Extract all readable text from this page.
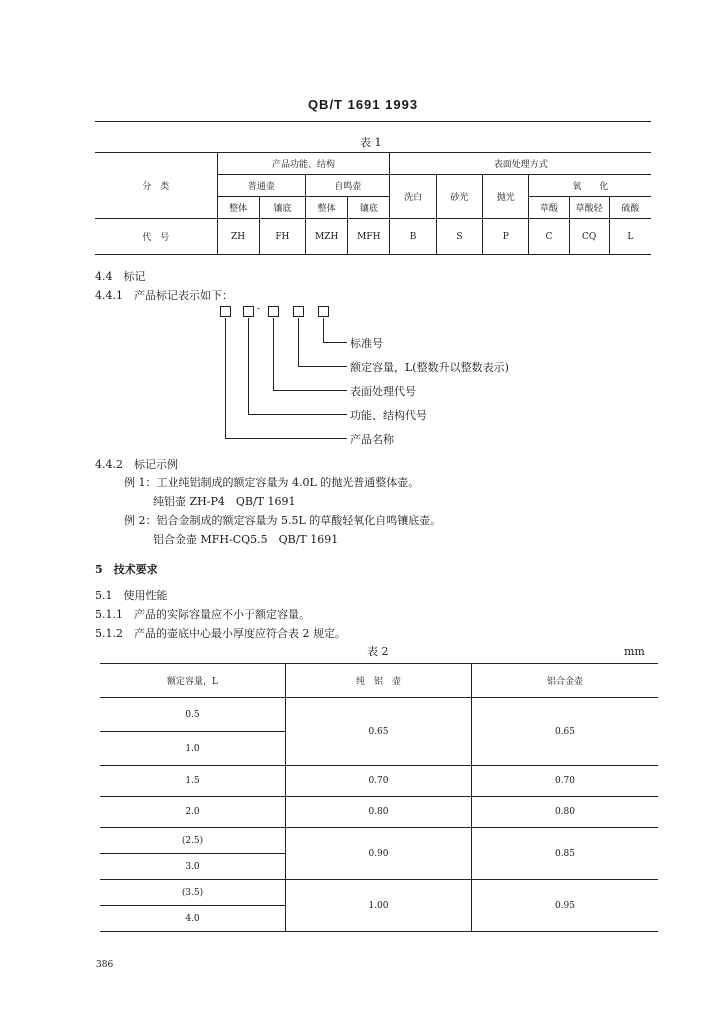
QB/T 1691 1993
表 1
分　类	产品功能、结构				表面处理方式					
	普通壶		自鸣壶		洗白	砂光	抛光	氧　　化		
	整体	镶底	整体	镶底				草酸	草酸轻	硫酸
代　号	ZH	FH	MZH	MFH	B	S	P	C	CQ	L
4.4　标记
4.4.1　产品标记表示如下：
-
标准号
额定容量，L(整数升以整数表示)
表面处理代号
功能、结构代号
产品名称
4.4.2　标记示例
例 1：工业纯铝制成的额定容量为 4.0L 的抛光普通整体壶。
纯铝壶 ZH-P4　QB/T 1691
例 2：铝合金制成的额定容量为 5.5L 的草酸轻氧化自鸣镶底壶。
铝合金壶 MFH-CQ5.5　QB/T 1691
5　技术要求
5.1　使用性能
5.1.1　产品的实际容量应不小于额定容量。
5.1.2　产品的壶底中心最小厚度应符合表 2 规定。
表 2	mm
额定容量，L	纯　铝　壶	铝合金壶
0.5	0.65	0.65
1.0		
1.5	0.70	0.70
2.0	0.80	0.80
(2.5)	0.90	0.85
3.0		
(3.5)	1.00	0.95
4.0		
386
